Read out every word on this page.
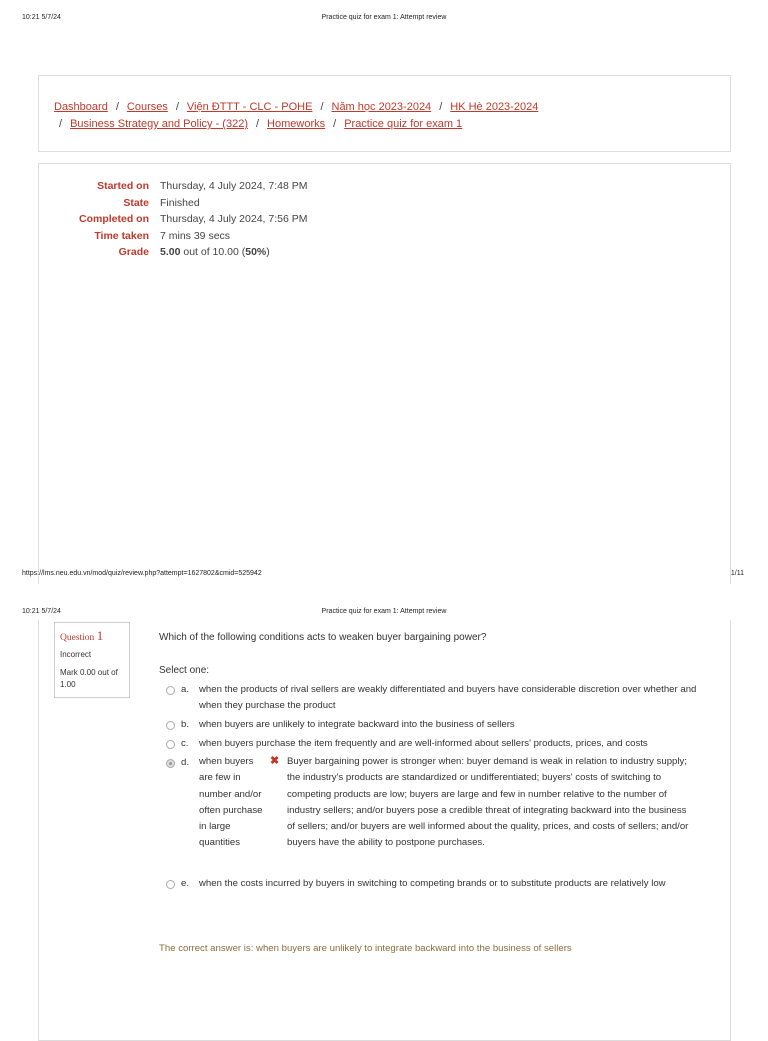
10:21 5/7/24	Practice quiz for exam 1: Attempt review
Dashboard / Courses / Viện ĐTTT - CLC - POHE / Năm học 2023-2024 / HK Hè 2023-2024
/ Business Strategy and Policy - (322) / Homeworks / Practice quiz for exam 1
Started on	Thursday, 4 July 2024, 7:48 PM
State	Finished
Completed on	Thursday, 4 July 2024, 7:56 PM
Time taken	7 mins 39 secs
Grade	5.00 out of 10.00 (50%)
https://lms.neu.edu.vn/mod/quiz/review.php?attempt=1627802&cmid=525942	1/11
10:21 5/7/24	Practice quiz for exam 1: Attempt review
Question 1
Incorrect
Mark 0.00 out of 1.00
Which of the following conditions acts to weaken buyer bargaining power?
Select one:
a. when the products of rival sellers are weakly differentiated and buyers have considerable discretion over whether and when they purchase the product
b. when buyers are unlikely to integrate backward into the business of sellers
c. when buyers purchase the item frequently and are well-informed about sellers' products, prices, and costs
d. when buyers are few in number and/or often purchase in large quantities
✖ Buyer bargaining power is stronger when: buyer demand is weak in relation to industry supply; the industry's products are standardized or undifferentiated; buyers' costs of switching to competing products are low; buyers are large and few in number relative to the number of industry sellers; and/or buyers pose a credible threat of integrating backward into the business of sellers; and/or buyers are well informed about the quality, prices, and costs of sellers; and/or buyers have the ability to postpone purchases.
e. when the costs incurred by buyers in switching to competing brands or to substitute products are relatively low
The correct answer is: when buyers are unlikely to integrate backward into the business of sellers
